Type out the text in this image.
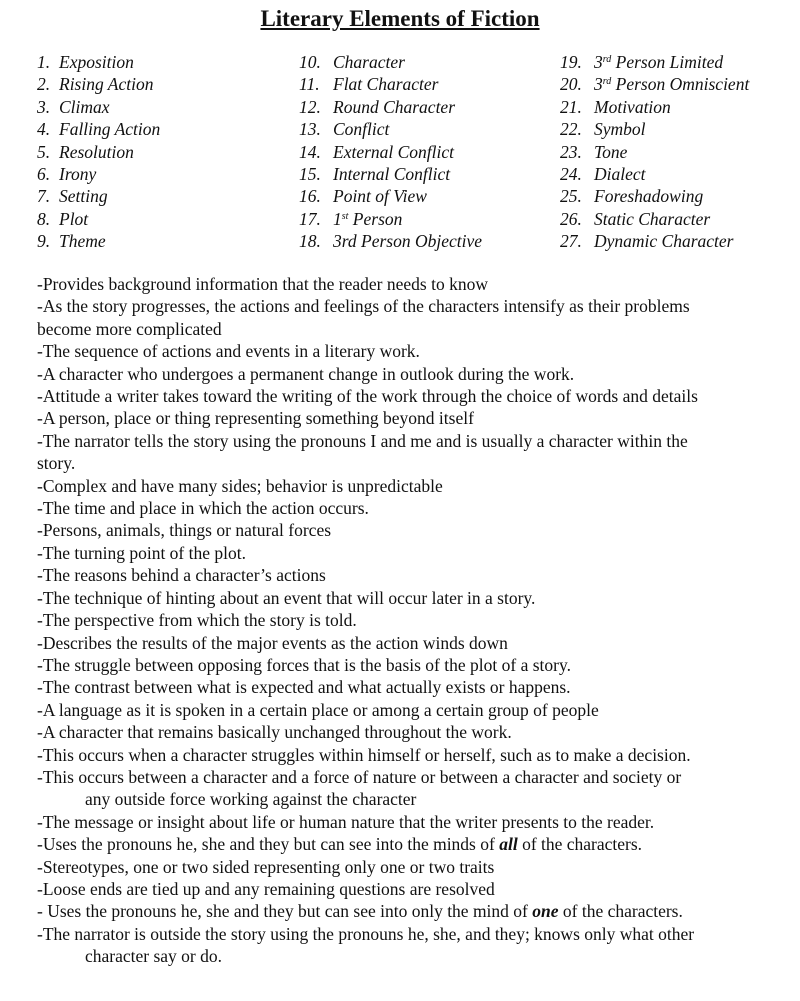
Literary Elements of Fiction
1. Exposition
2. Rising Action
3. Climax
4. Falling Action
5. Resolution
6. Irony
7. Setting
8. Plot
9. Theme
10. Character
11. Flat Character
12. Round Character
13. Conflict
14. External Conflict
15. Internal Conflict
16. Point of View
17. 1st Person
18. 3rd Person Objective
19. 3rd Person Limited
20. 3rd Person Omniscient
21. Motivation
22. Symbol
23. Tone
24. Dialect
25. Foreshadowing
26. Static Character
27. Dynamic Character
-Provides background information that the reader needs to know
-As the story progresses, the actions and feelings of the characters intensify as their problems
become more complicated
-The sequence of actions and events in a literary work.
-A character who undergoes a permanent change in outlook during the work.
-Attitude a writer takes toward the writing of the work through the choice of words and details
-A person, place or thing representing something beyond itself
-The narrator tells the story using the pronouns I and me and is usually a character within the
story.
-Complex and have many sides; behavior is unpredictable
-The time and place in which the action occurs.
-Persons, animals, things or natural forces
-The turning point of the plot.
-The reasons behind a character’s actions
-The technique of hinting about an event that will occur later in a story.
-The perspective from which the story is told.
-Describes the results of the major events as the action winds down
-The struggle between opposing forces that is the basis of the plot of a story.
-The contrast between what is expected and what actually exists or happens.
-A language as it is spoken in a certain place or among a certain group of people
-A character that remains basically unchanged throughout the work.
-This occurs when a character struggles within himself or herself, such as to make a decision.
-This occurs between a character and a force of nature or between a character and society or
any outside force working against the character
-The message or insight about life or human nature that the writer presents to the reader.
-Uses the pronouns he, she and they but can see into the minds of all of the characters.
-Stereotypes, one or two sided representing only one or two traits
-Loose ends are tied up and any remaining questions are resolved
- Uses the pronouns he, she and they but can see into only the mind of one of the characters.
-The narrator is outside the story using the pronouns he, she, and they; knows only what other
character say or do.
